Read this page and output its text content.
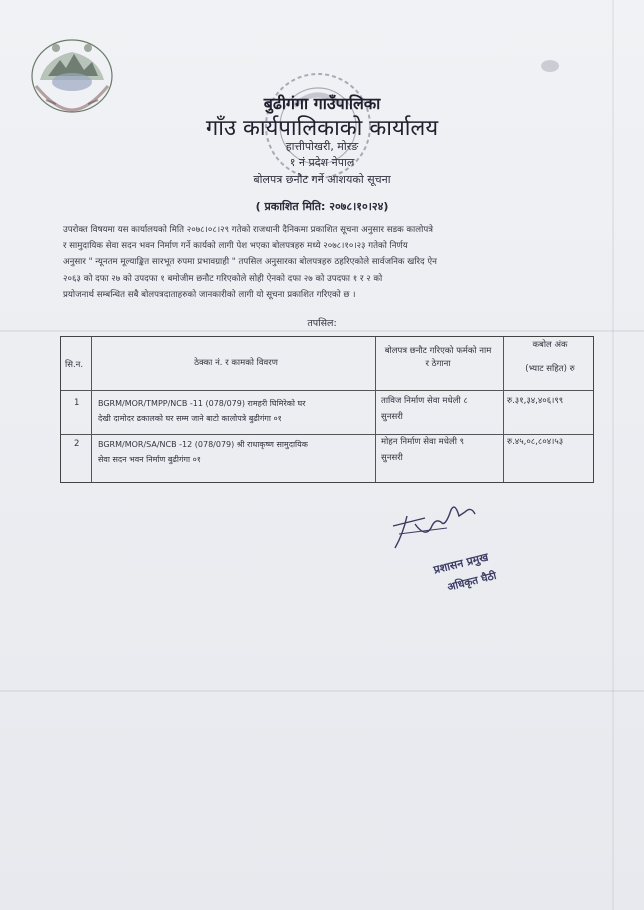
बुढीगंगा गाउँपालिका
गाँउ कार्यपालिकाको कार्यालय
हात्तीपोखरी, मोरङ
१ नं प्रदेश नेपाल
बोलपत्र छनौट गर्ने आशयको सूचना
( प्रकाशित मिति: २०७८।१०।२४)
उपरोक्त विषयमा यस कार्यालयको मिति २०७८।०८।२९ गतेको राजधानी दैनिकमा प्रकाशित सूचना अनुसार सडक कालोपत्रे
र सामुदायिक सेवा सदन भवन निर्माण गर्ने कार्यको लागी पेश भएका बोलपत्रहरु मध्ये २०७८।१०।२३ गतेको निर्णय
अनुसार " न्यूनतम मूल्याङ्कित सारभूत रुपमा प्रभावग्राही " तपसिल अनुसारका बोलपत्रहरु ठहरिएकोले सार्वजनिक खरिद ऐन
२०६३ को दफा २७ को उपदफा १ बमोजीम छनौट गरिएकोले सोही ऐनको दफा २७ को उपदफा १ र २ को
प्रयोजनार्थ सम्बन्धित सबै बोलपत्रदाताहरुको जानकारीको लागी यो सूचना प्रकाशित गरिएको छ ।
तपसिल:
सि.न.	ठेक्का नं. र कामको विवरण
बोलपत्र छनौट गरिएको फर्मको नाम र ठेगाना
कबोल अंक
(भ्याट सहित) रु
1 BGRM/MOR/TMPP/NCB -11 (078/079) रामहरी घिमिरेको घर
देखी दामोदर ढकालको घर सम्म जाने बाटो कालोपत्रे बुढीगंगा ०१
ताविज निर्माण सेवा मधेली ८
सुनसरी
रु.३१,३४,४०६।९९
2 BGRM/MOR/SA/NCB -12 (078/079) श्री राधाकृष्ण सामुदायिक
सेवा सदन भवन निर्माण बुढीगंगा ०१
मोहन निर्माण सेवा मधेली ९
सुनसरी
रु.४५,०८,८०४।५३
प्रशासन प्रमुख
अधिकृत घैठी
